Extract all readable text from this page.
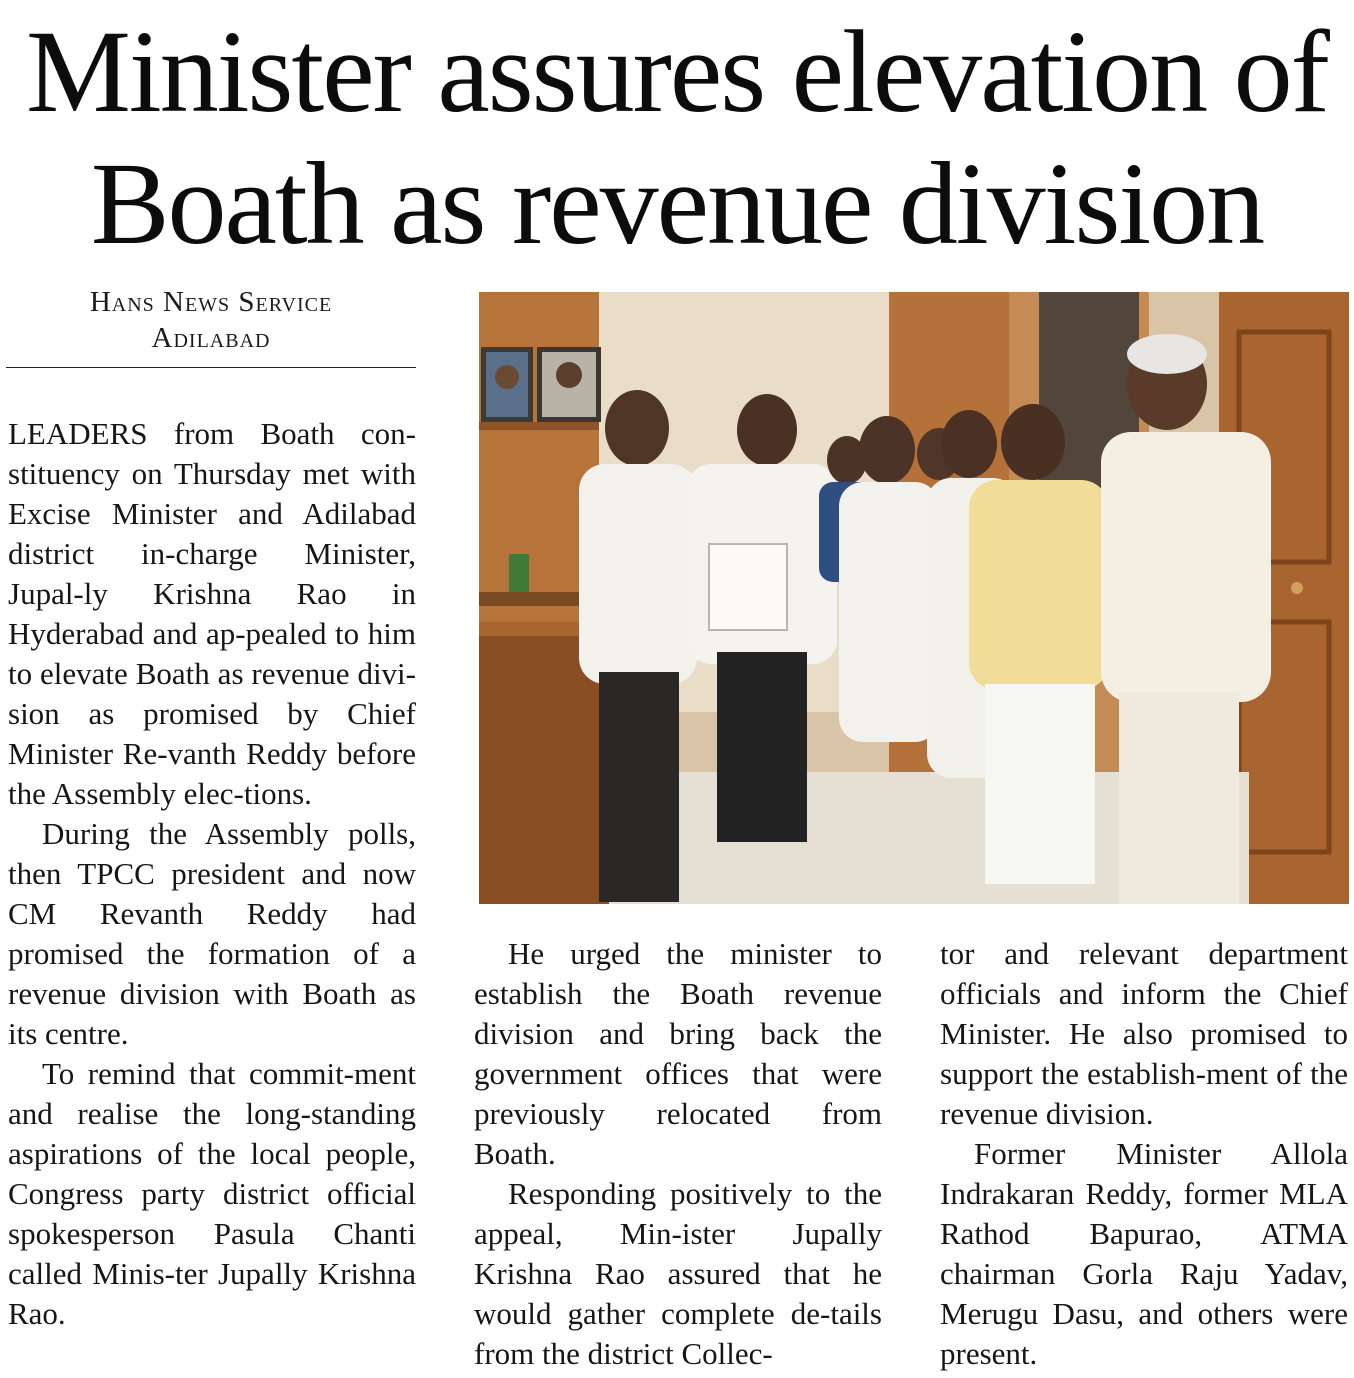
Minister assures elevation of
Boath as revenue division
Hans News Service
Adilabad

LEADERS from Boath con-stituency on Thursday met with Excise Minister and Adilabad district in-charge Minister, Jupal-ly Krishna Rao in Hyderabad and ap-pealed to him to elevate Boath as revenue divi-sion as promised by Chief Minister Re-vanth Reddy before the Assembly elec-tions.

During the Assembly polls, then TPCC president and now CM Revanth Reddy had promised the formation of a revenue division with Boath as its centre.

To remind that commit-ment and realise the long-standing aspirations of the local people, Congress party district official spokesperson Pasula Chanti called Minis-ter Jupally Krishna Rao.

He urged the minister to establish the Boath revenue division and bring back the government offices that were previously relocated from Boath.

Responding positively to the appeal, Min-ister Jupally Krishna Rao assured that he would gather complete de-tails from the district Collec-

tor and relevant department officials and inform the Chief Minister. He also promised to support the establish-ment of the revenue division.

Former Minister Allola Indrakaran Reddy, former MLA Rathod Bapurao, ATMA chairman Gorla Raju Yadav, Merugu Dasu, and others were present.
